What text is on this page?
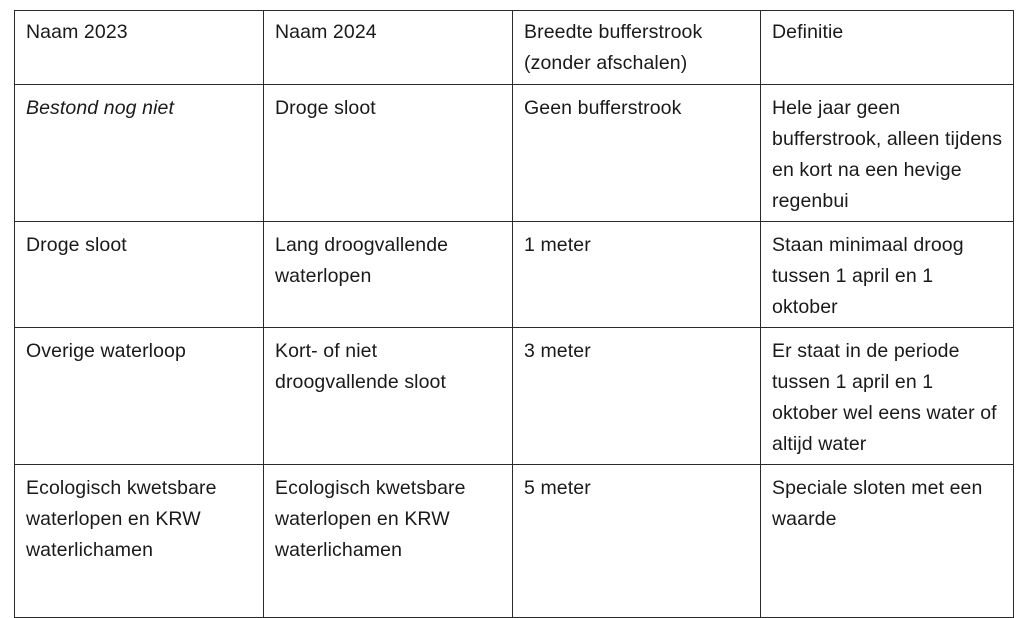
Naam 2023	Naam 2024	Breedte bufferstrook (zonder afschalen)	Definitie
Bestond nog niet	Droge sloot	Geen bufferstrook	Hele jaar geen bufferstrook, alleen tijdens en kort na een hevige regenbui
Droge sloot	Lang droogvallende waterlopen	1 meter	Staan minimaal droog tussen 1 april en 1 oktober
Overige waterloop	Kort- of niet droogvallende sloot	3 meter	Er staat in de periode tussen 1 april en 1 oktober wel eens water of altijd water
Ecologisch kwetsbare waterlopen en KRW waterlichamen	Ecologisch kwetsbare waterlopen en KRW waterlichamen	5 meter	Speciale sloten met een waarde
